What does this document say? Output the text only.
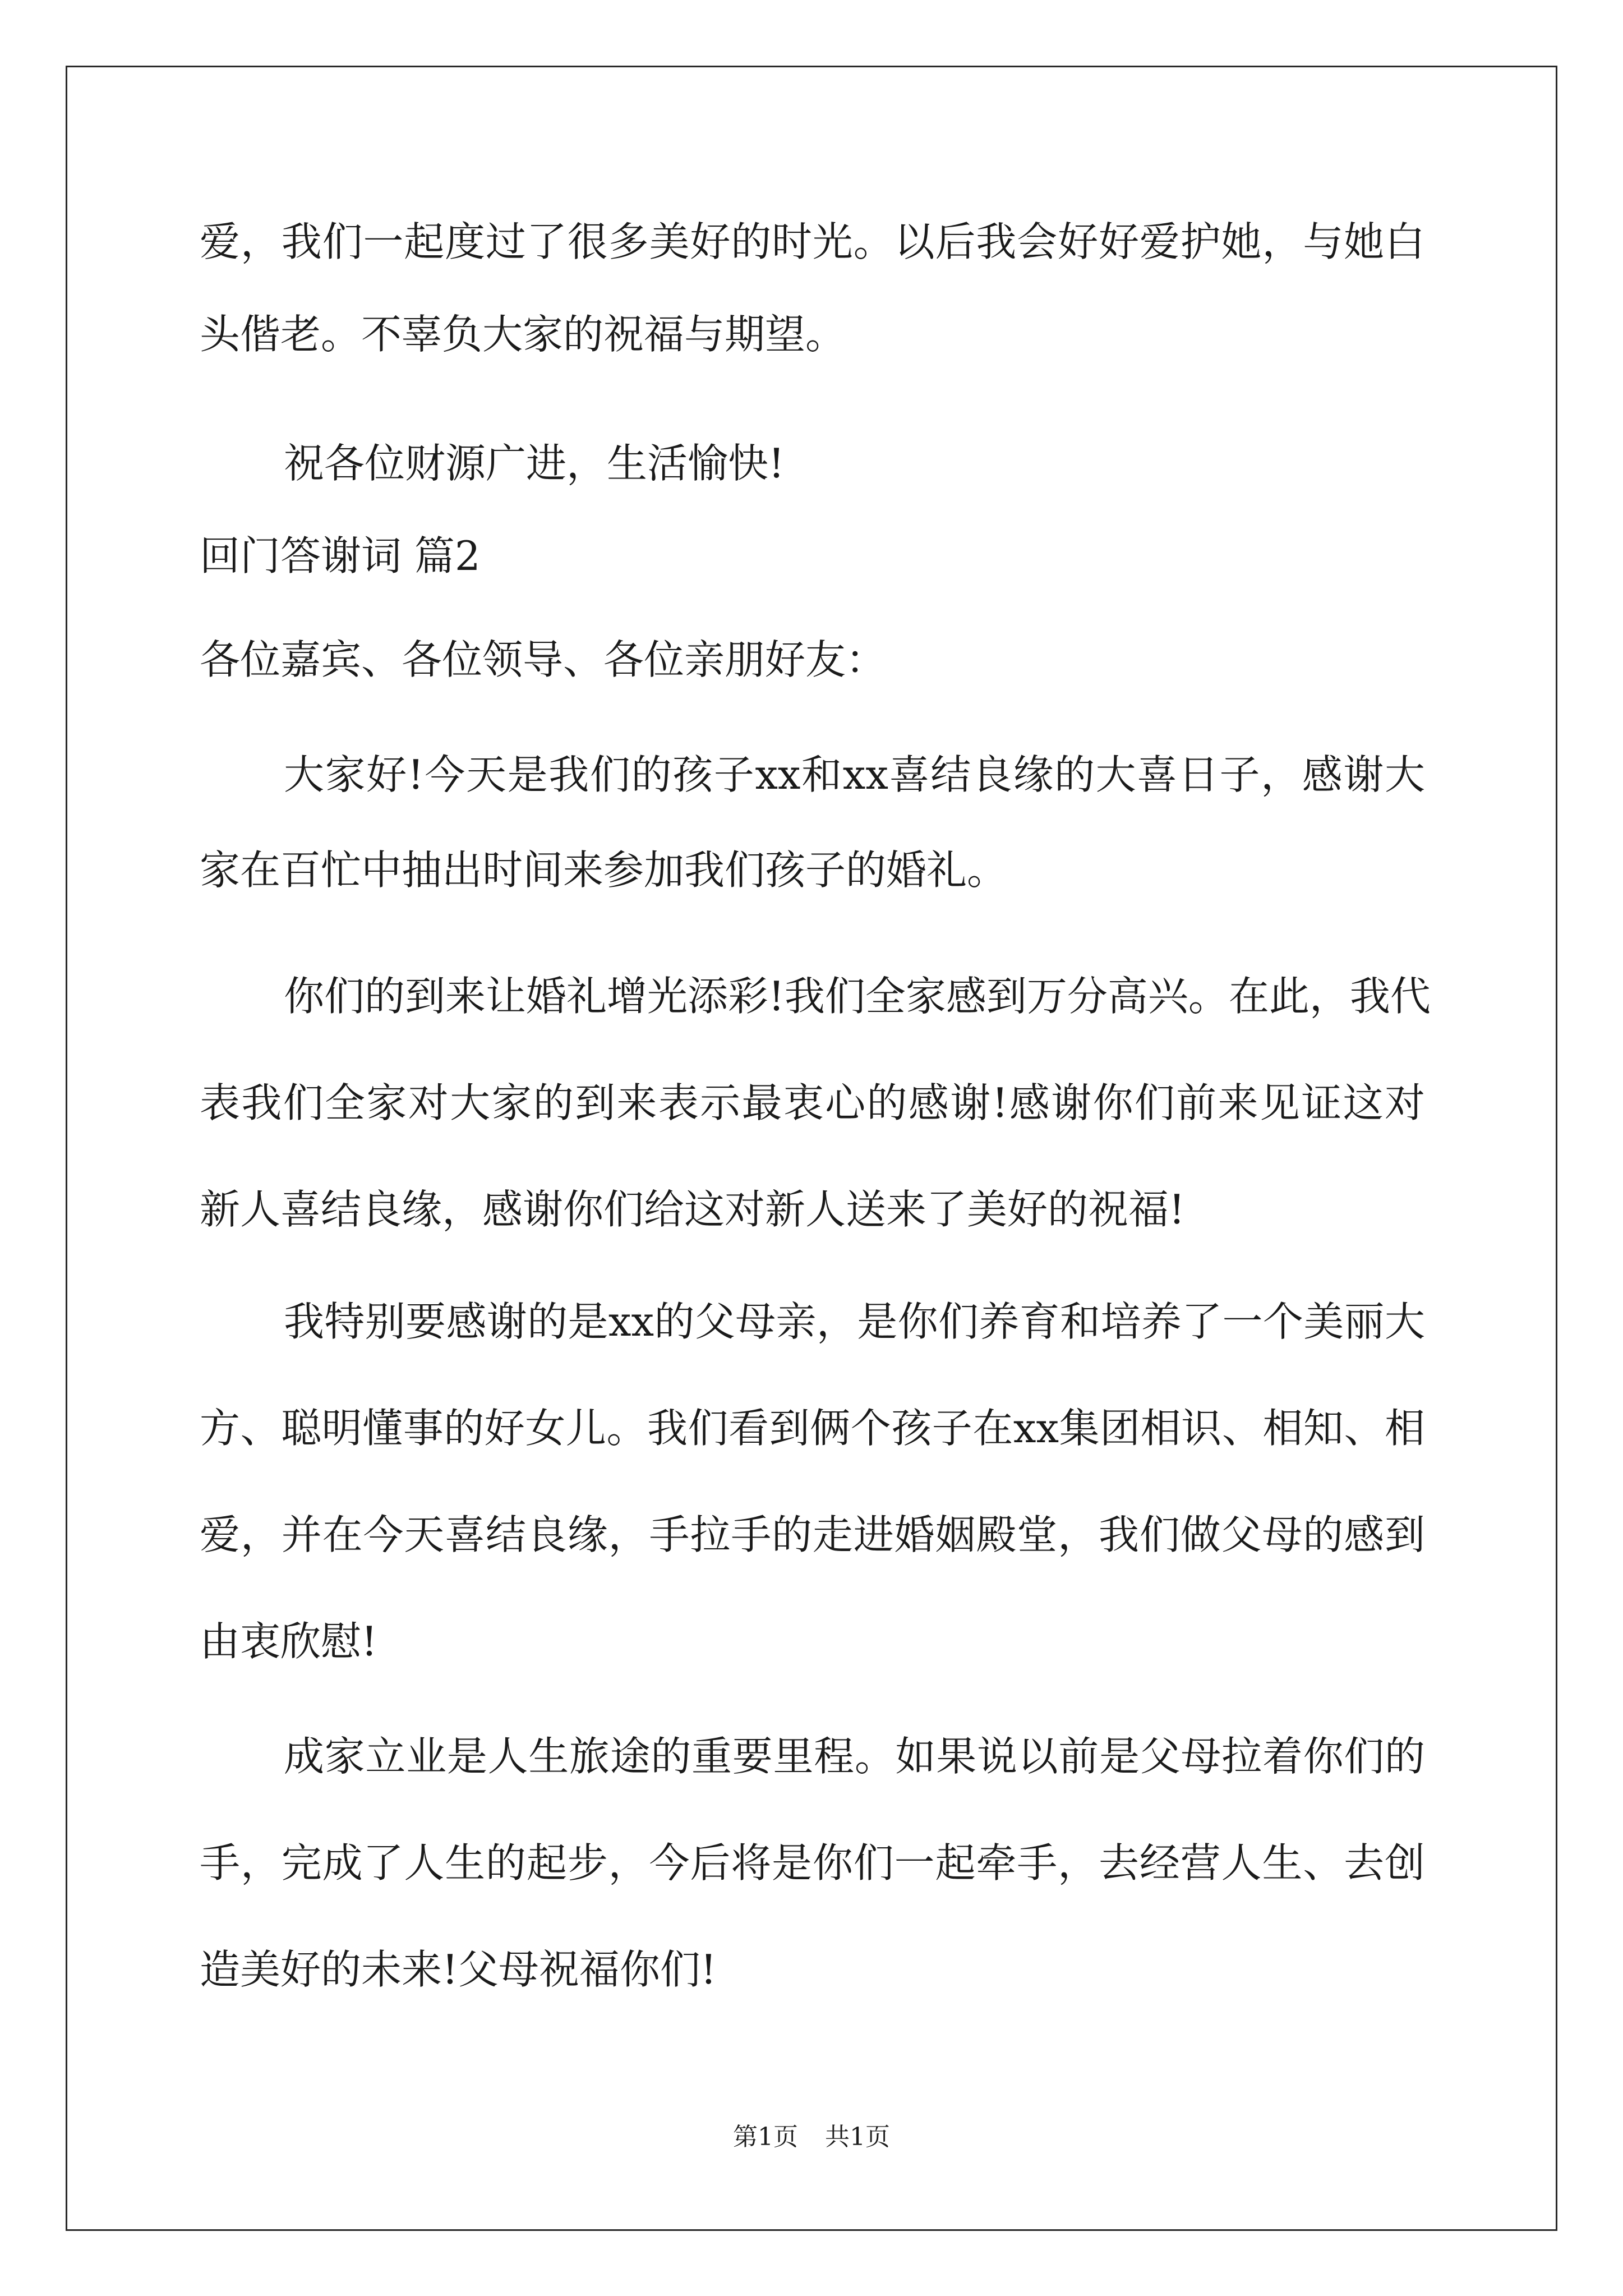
爱，我们一起度过了很多美好的时光。以后我会好好爱护她，与她白
头偕老。不辜负大家的祝福与期望。
祝各位财源广进，生活愉快!
回门答谢词 篇2
各位嘉宾、各位领导、各位亲朋好友：
大家好!今天是我们的孩子xx和xx喜结良缘的大喜日子，感谢大
家在百忙中抽出时间来参加我们孩子的婚礼。
你们的到来让婚礼增光添彩!我们全家感到万分高兴。在此，我代
表我们全家对大家的到来表示最衷心的感谢!感谢你们前来见证这对
新人喜结良缘，感谢你们给这对新人送来了美好的祝福!
我特别要感谢的是xx的父母亲，是你们养育和培养了一个美丽大
方、聪明懂事的好女儿。我们看到俩个孩子在xx集团相识、相知、相
爱，并在今天喜结良缘，手拉手的走进婚姻殿堂，我们做父母的感到
由衷欣慰!
成家立业是人生旅途的重要里程。如果说以前是父母拉着你们的
手，完成了人生的起步，今后将是你们一起牵手，去经营人生、去创
造美好的未来!父母祝福你们!
第1页 共1页
